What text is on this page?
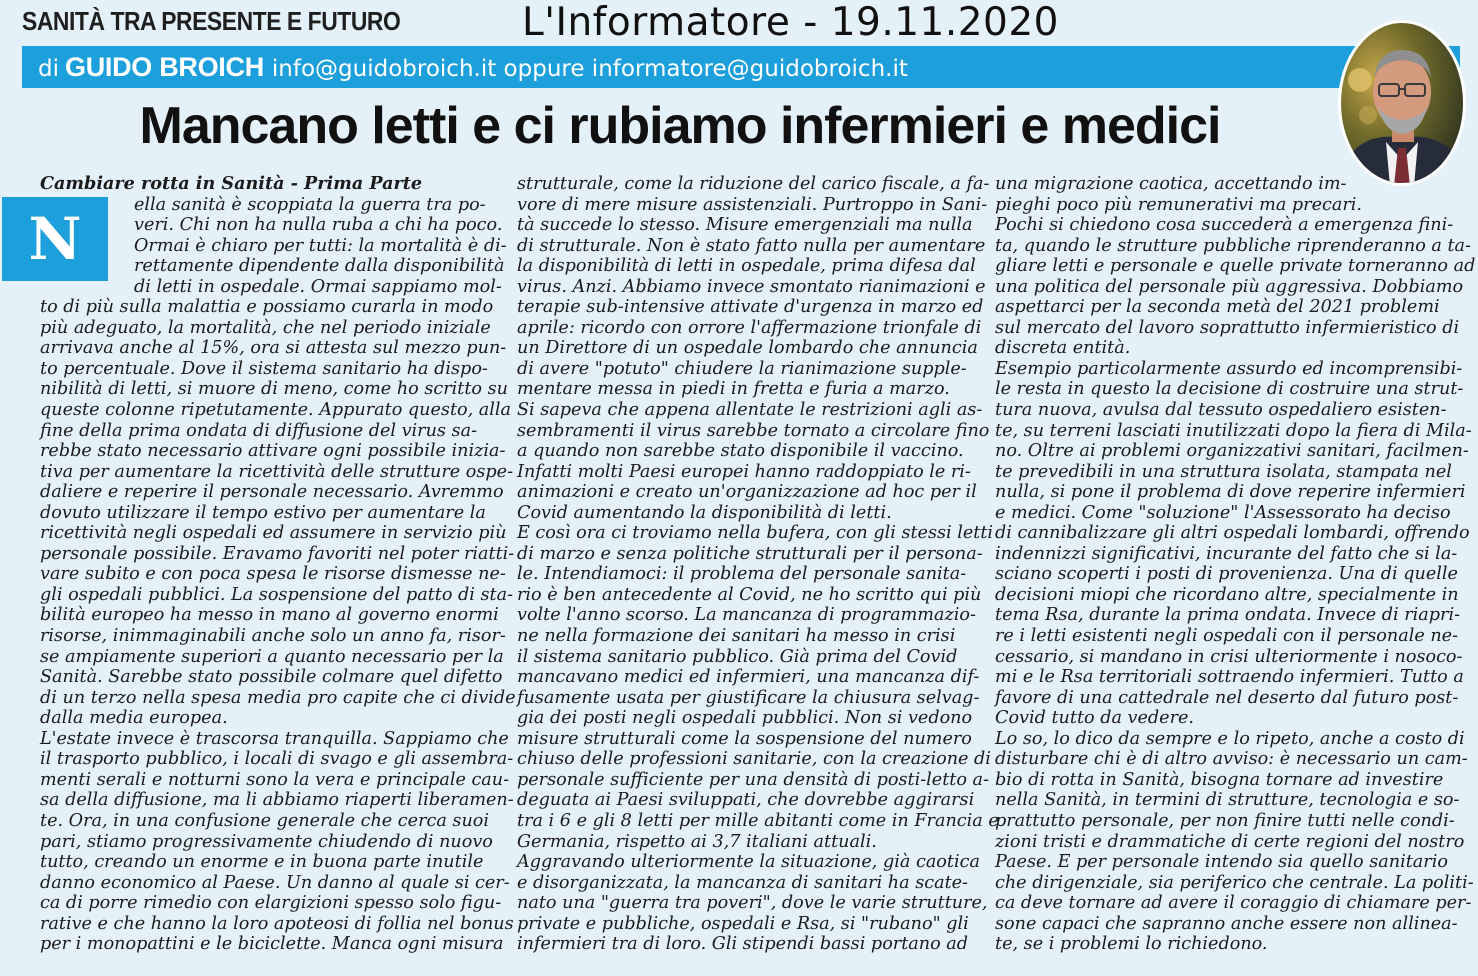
SANITÀ TRA PRESENTE E FUTURO	L'Informatore - 19.11.2020
di GUIDO BROICH info@guidobroich.it oppure informatore@guidobroich.it
Mancano letti e ci rubiamo infermieri e medici
N

Cambiare rotta in Sanità - Prima Parte

ella sanità è scoppiata la guerra tra po-

veri. Chi non ha nulla ruba a chi ha poco.

Ormai è chiaro per tutti: la mortalità è di-

rettamente dipendente dalla disponibilità

di letti in ospedale. Ormai sappiamo mol-

to di più sulla malattia e possiamo curarla in modo

più adeguato, la mortalità, che nel periodo iniziale

arrivava anche al 15%, ora si attesta sul mezzo pun-

to percentuale. Dove il sistema sanitario ha dispo-

nibilità di letti, si muore di meno, come ho scritto su

queste colonne ripetutamente. Appurato questo, alla

fine della prima ondata di diffusione del virus sa-

rebbe stato necessario attivare ogni possibile inizia-

tiva per aumentare la ricettività delle strutture ospe-

daliere e reperire il personale necessario. Avremmo

dovuto utilizzare il tempo estivo per aumentare la

ricettività negli ospedali ed assumere in servizio più

personale possibile. Eravamo favoriti nel poter riatti-

vare subito e con poca spesa le risorse dismesse ne-

gli ospedali pubblici. La sospensione del patto di sta-

bilità europeo ha messo in mano al governo enormi

risorse, inimmaginabili anche solo un anno fa, risor-

se ampiamente superiori a quanto necessario per la

Sanità. Sarebbe stato possibile colmare quel difetto

di un terzo nella spesa media pro capite che ci divide

dalla media europea.

L'estate invece è trascorsa tranquilla. Sappiamo che

il trasporto pubblico, i locali di svago e gli assembra-

menti serali e notturni sono la vera e principale cau-

sa della diffusione, ma li abbiamo riaperti liberamen-

te. Ora, in una confusione generale che cerca suoi

pari, stiamo progressivamente chiudendo di nuovo

tutto, creando un enorme e in buona parte inutile

danno economico al Paese. Un danno al quale si cer-

ca di porre rimedio con elargizioni spesso solo figu-

rative e che hanno la loro apoteosi di follia nel bonus

per i monopattini e le biciclette. Manca ogni misura

strutturale, come la riduzione del carico fiscale, a fa-

vore di mere misure assistenziali. Purtroppo in Sani-

tà succede lo stesso. Misure emergenziali ma nulla

di strutturale. Non è stato fatto nulla per aumentare

la disponibilità di letti in ospedale, prima difesa dal

virus. Anzi. Abbiamo invece smontato rianimazioni e

terapie sub-intensive attivate d'urgenza in marzo ed

aprile: ricordo con orrore l'affermazione trionfale di

un Direttore di un ospedale lombardo che annuncia

di avere "potuto" chiudere la rianimazione supple-

mentare messa in piedi in fretta e furia a marzo.

Si sapeva che appena allentate le restrizioni agli as-

sembramenti il virus sarebbe tornato a circolare fino

a quando non sarebbe stato disponibile il vaccino.

Infatti molti Paesi europei hanno raddoppiato le ri-

animazioni e creato un'organizzazione ad hoc per il

Covid aumentando la disponibilità di letti.

E così ora ci troviamo nella bufera, con gli stessi letti

di marzo e senza politiche strutturali per il persona-

le. Intendiamoci: il problema del personale sanita-

rio è ben antecedente al Covid, ne ho scritto qui più

volte l'anno scorso. La mancanza di programmazio-

ne nella formazione dei sanitari ha messo in crisi

il sistema sanitario pubblico. Già prima del Covid

mancavano medici ed infermieri, una mancanza dif-

fusamente usata per giustificare la chiusura selvag-

gia dei posti negli ospedali pubblici. Non si vedono

misure strutturali come la sospensione del numero

chiuso delle professioni sanitarie, con la creazione di

personale sufficiente per una densità di posti-letto a-

deguata ai Paesi sviluppati, che dovrebbe aggirarsi

tra i 6 e gli 8 letti per mille abitanti come in Francia e

Germania, rispetto ai 3,7 italiani attuali.

Aggravando ulteriormente la situazione, già caotica

e disorganizzata, la mancanza di sanitari ha scate-

nato una "guerra tra poveri", dove le varie strutture,

private e pubbliche, ospedali e Rsa, si "rubano" gli

infermieri tra di loro. Gli stipendi bassi portano ad

una migrazione caotica, accettando im-

pieghi poco più remunerativi ma precari.

Pochi si chiedono cosa succederà a emergenza fini-

ta, quando le strutture pubbliche riprenderanno a ta-

gliare letti e personale e quelle private torneranno ad

una politica del personale più aggressiva. Dobbiamo

aspettarci per la seconda metà del 2021 problemi

sul mercato del lavoro soprattutto infermieristico di

discreta entità.

Esempio particolarmente assurdo ed incomprensibi-

le resta in questo la decisione di costruire una strut-

tura nuova, avulsa dal tessuto ospedaliero esisten-

te, su terreni lasciati inutilizzati dopo la fiera di Mila-

no. Oltre ai problemi organizzativi sanitari, facilmen-

te prevedibili in una struttura isolata, stampata nel

nulla, si pone il problema di dove reperire infermieri

e medici. Come "soluzione" l'Assessorato ha deciso

di cannibalizzare gli altri ospedali lombardi, offrendo

indennizzi significativi, incurante del fatto che si la-

sciano scoperti i posti di provenienza. Una di quelle

decisioni miopi che ricordano altre, specialmente in

tema Rsa, durante la prima ondata. Invece di riapri-

re i letti esistenti negli ospedali con il personale ne-

cessario, si mandano in crisi ulteriormente i nosoco-

mi e le Rsa territoriali sottraendo infermieri. Tutto a

favore di una cattedrale nel deserto dal futuro post-

Covid tutto da vedere.

Lo so, lo dico da sempre e lo ripeto, anche a costo di

disturbare chi è di altro avviso: è necessario un cam-

bio di rotta in Sanità, bisogna tornare ad investire

nella Sanità, in termini di strutture, tecnologia e so-

prattutto personale, per non finire tutti nelle condi-

zioni tristi e drammatiche di certe regioni del nostro

Paese. E per personale intendo sia quello sanitario

che dirigenziale, sia periferico che centrale. La politi-

ca deve tornare ad avere il coraggio di chiamare per-

sone capaci che sapranno anche essere non allinea-

te, se i problemi lo richiedono.
